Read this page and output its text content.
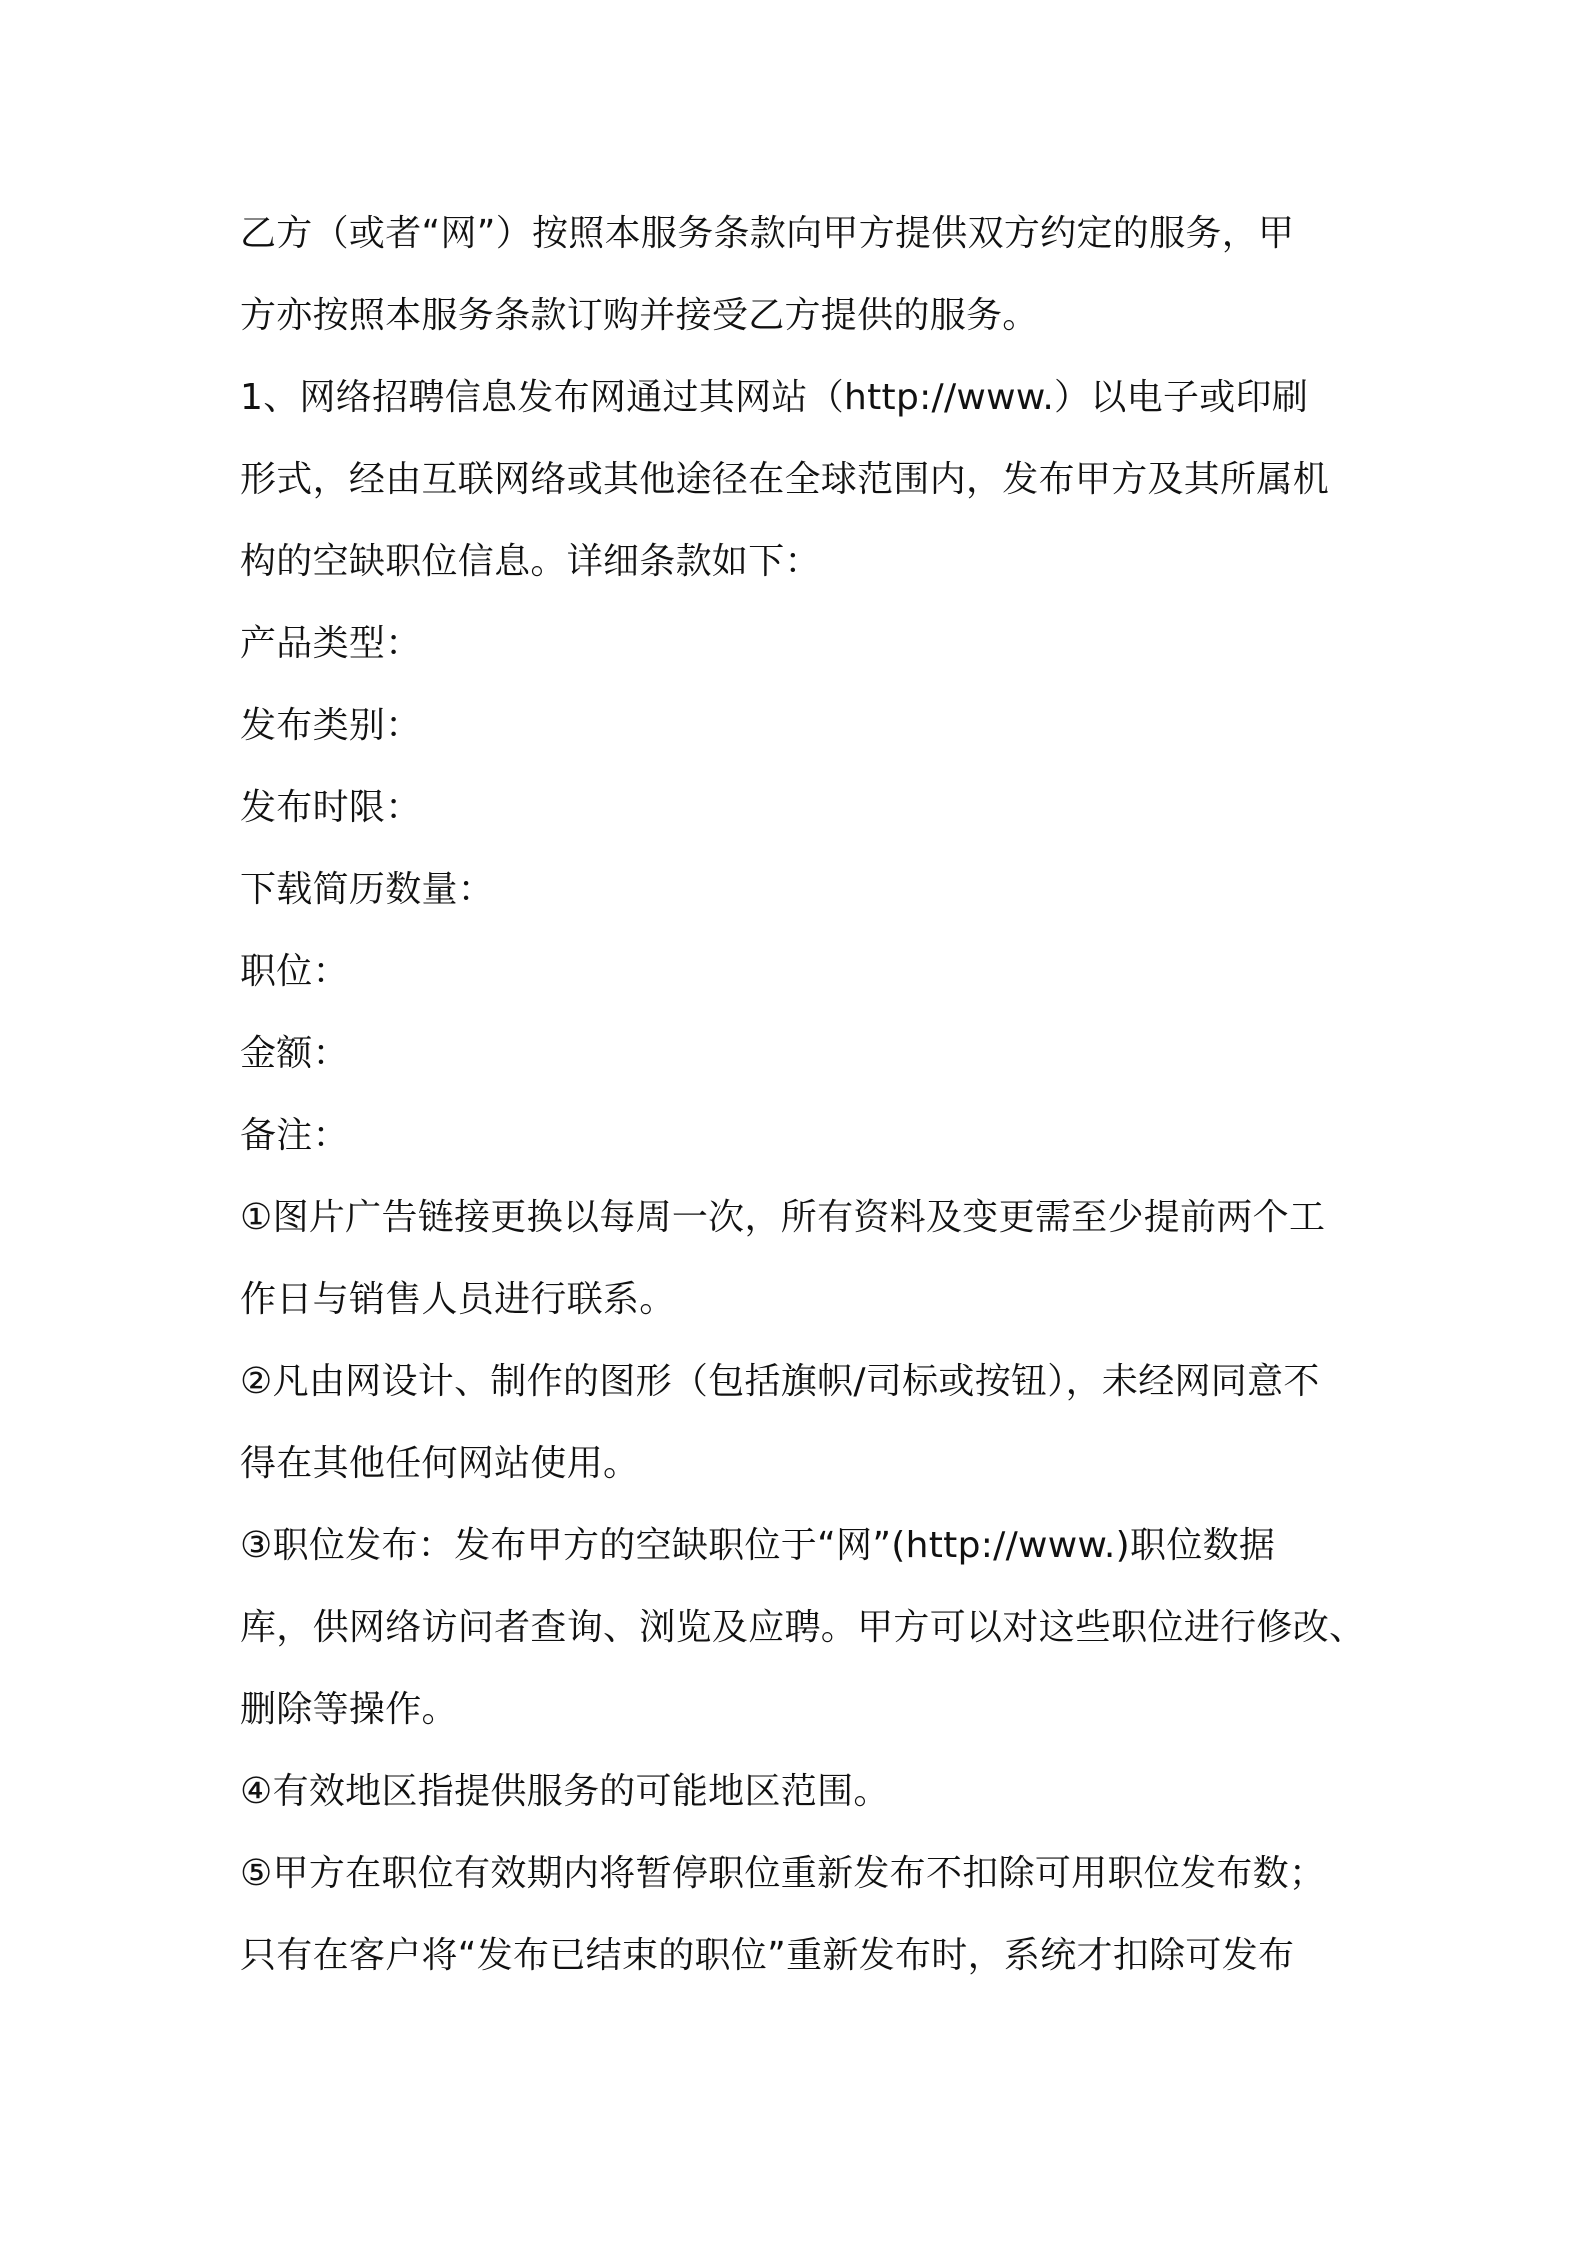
乙方（或者“网”）按照本服务条款向甲方提供双方约定的服务，甲
方亦按照本服务条款订购并接受乙方提供的服务。
1、网络招聘信息发布网通过其网站（http://www.）以电子或印刷
形式，经由互联网络或其他途径在全球范围内，发布甲方及其所属机
构的空缺职位信息。详细条款如下：
产品类型：
发布类别：
发布时限：
下载简历数量：
职位：
金额：
备注：
①图片广告链接更换以每周一次，所有资料及变更需至少提前两个工
作日与销售人员进行联系。
②凡由网设计、制作的图形（包括旗帜/司标或按钮），未经网同意不
得在其他任何网站使用。
③职位发布：发布甲方的空缺职位于“网”(http://www.)职位数据
库，供网络访问者查询、浏览及应聘。甲方可以对这些职位进行修改、
删除等操作。
④有效地区指提供服务的可能地区范围。
⑤甲方在职位有效期内将暂停职位重新发布不扣除可用职位发布数；
只有在客户将“发布已结束的职位”重新发布时，系统才扣除可发布
